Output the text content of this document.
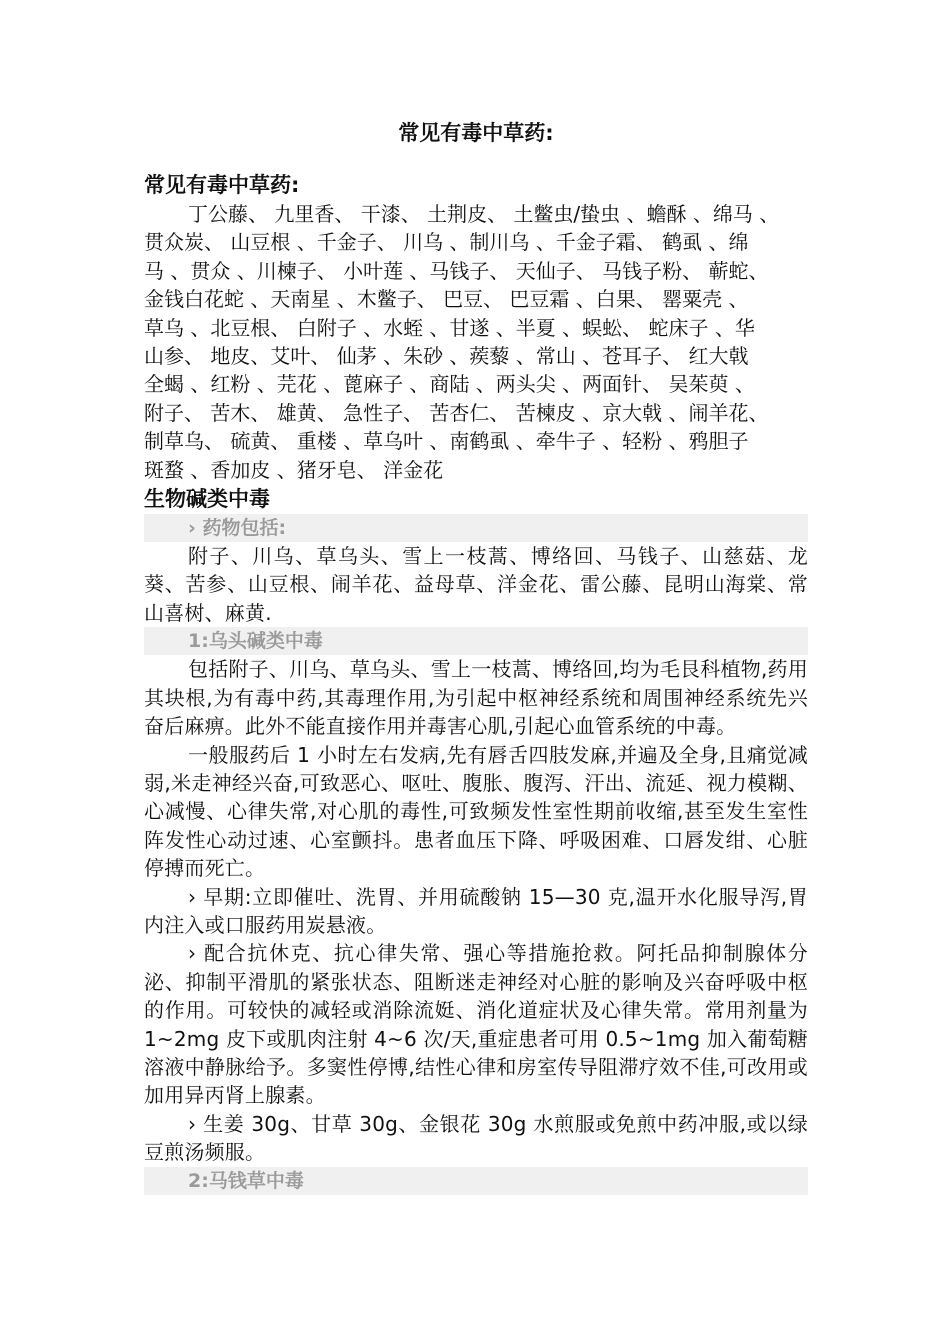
常见有毒中草药:
常见有毒中草药:
丁公藤、 九里香、 干漆、 土荆皮、 土鳖虫/蛰虫 、蟾酥 、绵马 、
贯众炭、 山豆根 、千金子、 川乌 、制川乌 、千金子霜、 鹤虱 、绵
马 、贯众 、川楝子、 小叶莲 、马钱子、 天仙子、 马钱子粉、 蕲蛇、
金钱白花蛇 、天南星 、木鳖子、 巴豆、 巴豆霜 、白果、 罂粟壳 、
草乌 、北豆根、 白附子 、水蛭 、甘遂 、半夏 、蜈蚣、 蛇床子 、华
山参、 地皮、艾叶、 仙茅 、朱砂 、蒺藜 、常山 、苍耳子、 红大戟
全蝎 、红粉 、芫花 、蓖麻子 、商陆 、两头尖 、两面针、 吴茱萸 、
附子、 苦木、 雄黄、 急性子、 苦杏仁、 苦楝皮 、京大戟 、闹羊花、
制草乌、 硫黄、 重楼 、草乌叶 、南鹤虱 、牵牛子 、轻粉 、鸦胆子
斑蝥 、香加皮 、猪牙皂、 洋金花
生物碱类中毒
› 药物包括:
附子、川乌、草乌头、雪上一枝蒿、博络回、马钱子、山慈菇、龙葵、苦参、山豆根、闹羊花、益母草、洋金花、雷公藤、昆明山海棠、常山喜树、麻黄.
1:乌头碱类中毒
包括附子、川乌、草乌头、雪上一枝蒿、博络回,均为毛艮科植物,药用其块根,为有毒中药,其毒理作用,为引起中枢神经系统和周围神经系统先兴奋后麻痹。此外不能直接作用并毒害心肌,引起心血管系统的中毒。
一般服药后 1 小时左右发病,先有唇舌四肢发麻,并遍及全身,且痛觉减弱,米走神经兴奋,可致恶心、呕吐、腹胀、腹泻、汗出、流延、视力模糊、心减慢、心律失常,对心肌的毒性,可致频发性室性期前收缩,甚至发生室性阵发性心动过速、心室颤抖。患者血压下降、呼吸困难、口唇发绀、心脏停搏而死亡。
› 早期:立即催吐、洗胃、并用硫酸钠 15—30 克,温开水化服导泻,胃内注入或口服药用炭悬液。
› 配合抗休克、抗心律失常、强心等措施抢救。阿托品抑制腺体分泌、抑制平滑肌的紧张状态、阻断迷走神经对心脏的影响及兴奋呼吸中枢的作用。可较快的减轻或消除流娗、消化道症状及心律失常。常用剂量为 1~2mg 皮下或肌肉注射 4~6 次/天,重症患者可用 0.5~1mg 加入葡萄糖溶液中静脉给予。多窦性停博,结性心律和房室传导阻滞疗效不佳,可改用或加用异丙肾上腺素。
› 生姜 30g、甘草 30g、金银花 30g 水煎服或免煎中药冲服,或以绿豆煎汤频服。
2:马钱草中毒
